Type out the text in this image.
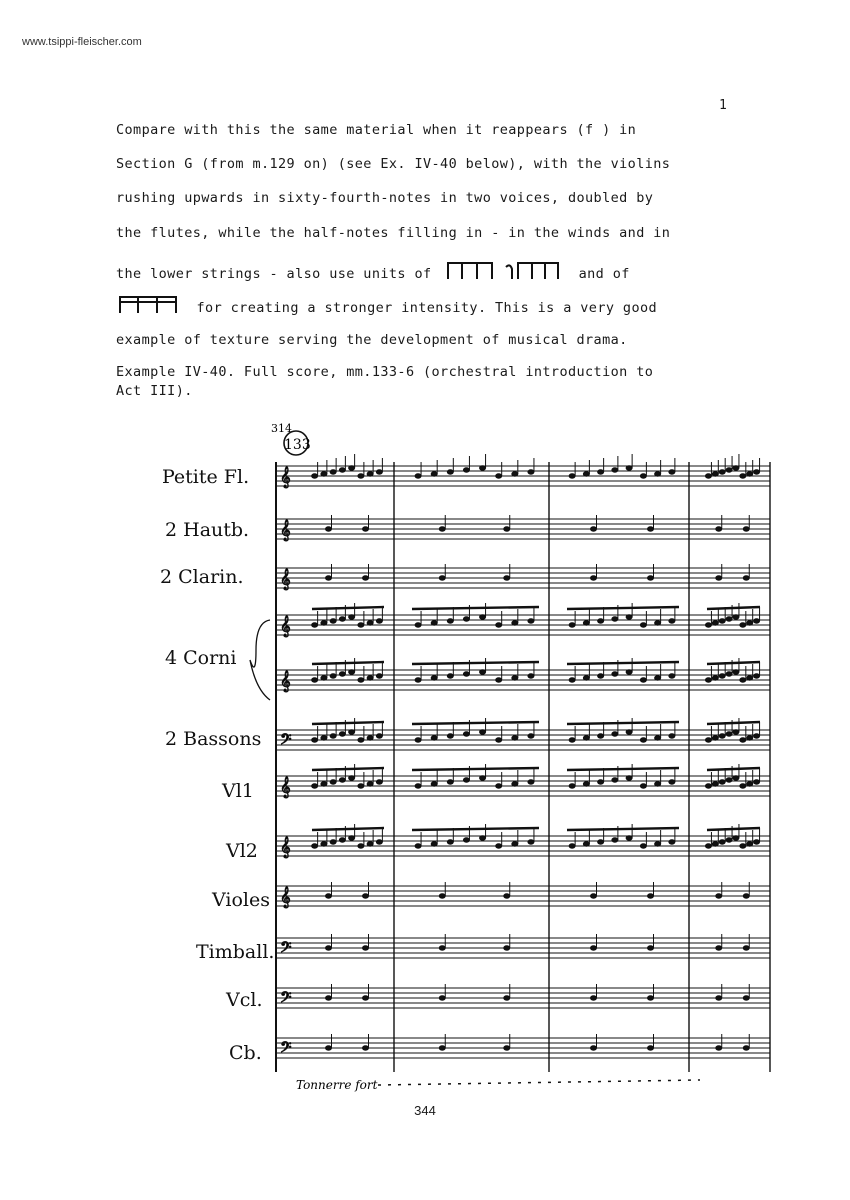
www.tsippi-fleischer.com
1
Compare with this the same material when it reappears (f ) in
Section G (from m.129 on) (see Ex. IV-40 below), with the violins
rushing upwards in sixty-fourth-notes in two voices, doubled by
the flutes, while the half-notes filling in - in the winds and in
the lower strings - also use units of	and of
for creating a stronger intensity. This is a very good
example of texture serving the development of musical drama.
Example IV-40. Full score, mm.133-6 (orchestral introduction to
Act III).
314
133
Petite Fl.
2 Hautb.
2 Clarin.
4 Corni
2 Bassons
Vl1
Vl2
Violes
Timball.
Vcl.
Cb.
𝄞
𝄞
𝄞
𝄞
𝄞
𝄢
𝄞
𝄞
𝄞
𝄢
𝄢
𝄢
Tonnerre fort
344
